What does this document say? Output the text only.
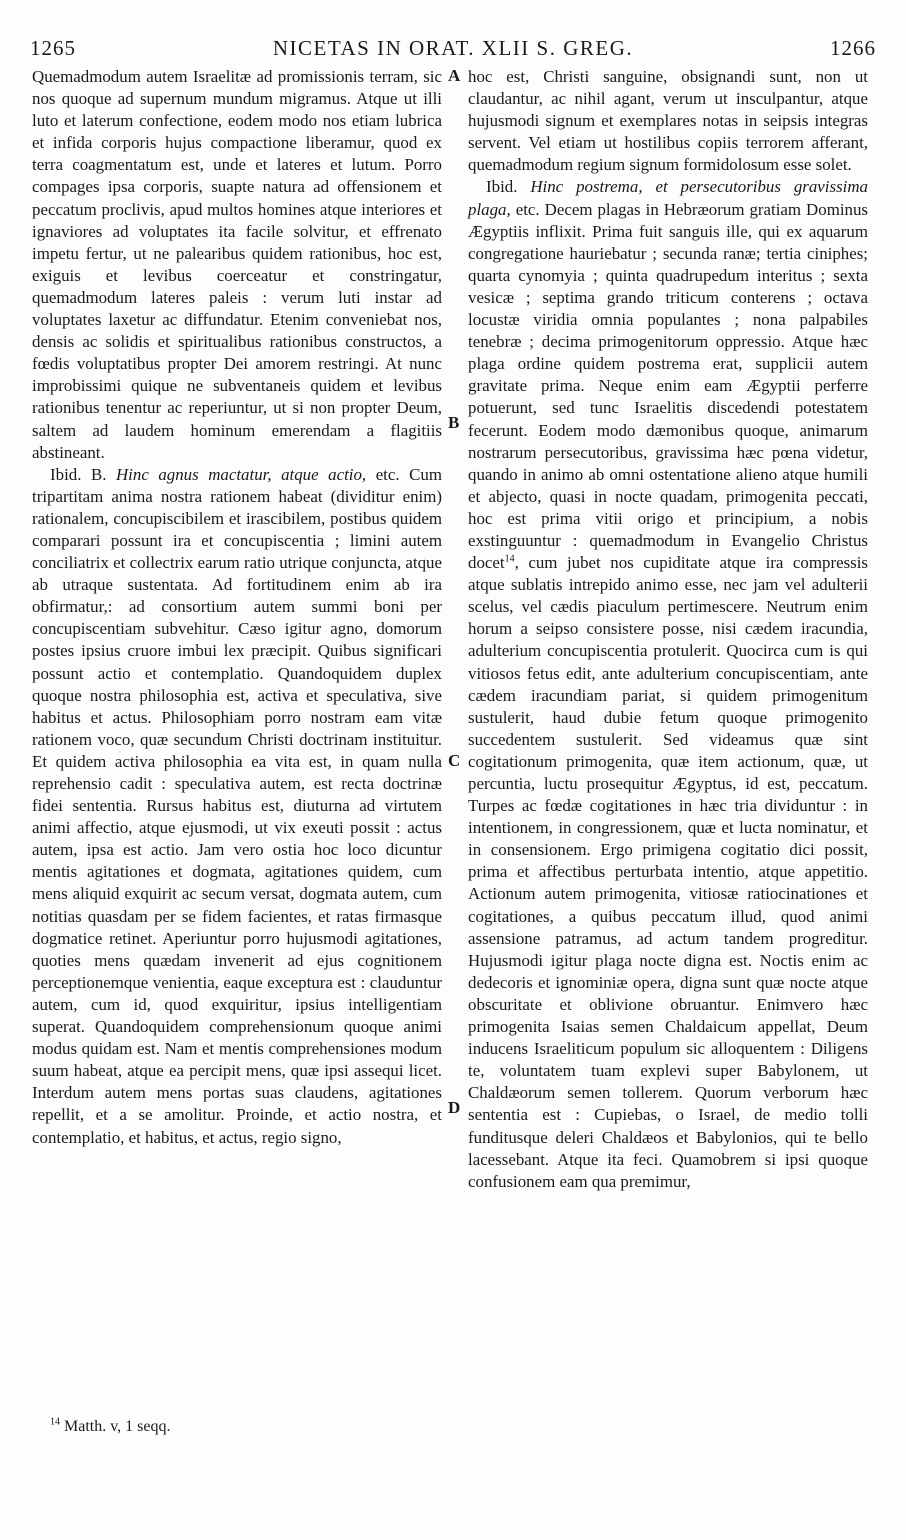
1265	NICETAS IN ORAT. XLII S. GREG.	1266

Quemadmodum autem Israelitæ ad promissionis terram, sic nos quoque ad supernum mundum migramus. Atque ut illi luto et laterum confectione, eodem modo nos etiam lubrica et infida corporis hujus compactione liberamur, quod ex terra coagmentatum est, unde et lateres et lutum. Porro compages ipsa corporis, suapte natura ad offensionem et peccatum proclivis, apud multos homines atque interiores et ignaviores ad voluptates ita facile solvitur, et effrenato impetu fertur, ut ne palearibus quidem rationibus, hoc est, exiguis et levibus coerceatur et constringatur, quemadmodum lateres paleis : verum luti instar ad voluptates laxetur ac diffundatur. Etenim conveniebat nos, densis ac solidis et spiritualibus rationibus constructos, a fœdis voluptatibus propter Dei amorem restringi. At nunc improbissimi quique ne subventaneis quidem et levibus rationibus tenentur ac reperiuntur, ut si non propter Deum, saltem ad laudem hominum emerendam a flagitiis abstineant.

Ibid. B. Hinc agnus mactatur, atque actio, etc. Cum tripartitam anima nostra rationem habeat (dividitur enim) rationalem, concupiscibilem et irascibilem, postibus quidem comparari possunt ira et concupiscentia ; limini autem conciliatrix et collectrix earum ratio utrique conjuncta, atque ab utraque sustentata. Ad fortitudinem enim ab ira obfirmatur,: ad consortium autem summi boni per concupiscentiam subvehitur. Cæso igitur agno, domorum postes ipsius cruore imbui lex præcipit. Quibus significari possunt actio et contemplatio. Quandoquidem duplex quoque nostra philosophia est, activa et speculativa, sive habitus et actus. Philosophiam porro nostram eam vitæ rationem voco, quæ secundum Christi doctrinam instituitur. Et quidem activa philosophia ea vita est, in quam nulla reprehensio cadit : speculativa autem, est recta doctrinæ fidei sententia. Rursus habitus est, diuturna ad virtutem animi affectio, atque ejusmodi, ut vix exeuti possit : actus autem, ipsa est actio. Jam vero ostia hoc loco dicuntur mentis agitationes et dogmata, agitationes quidem, cum mens aliquid exquirit ac secum versat, dogmata autem, cum notitias quasdam per se fidem facientes, et ratas firmasque dogmatice retinet. Aperiuntur porro hujusmodi agitationes, quoties mens quædam invenerit ad ejus cognitionem perceptionemque venientia, eaque exceptura est : clauduntur autem, cum id, quod exquiritur, ipsius intelligentiam superat. Quandoquidem comprehensionum quoque animi modus quidam est. Nam et mentis comprehensiones modum suum habeat, atque ea percipit mens, quæ ipsi assequi licet. Interdum autem mens portas suas claudens, agitationes repellit, et a se amolitur. Proinde, et actio nostra, et contemplatio, et habitus, et actus, regio signo,

hoc est, Christi sanguine, obsignandi sunt, non ut claudantur, ac nihil agant, verum ut insculpantur, atque hujusmodi signum et exemplares notas in seipsis integras servent. Vel etiam ut hostilibus copiis terrorem afferant, quemadmodum regium signum formidolosum esse solet.

Ibid. Hinc postrema, et persecutoribus gravissima plaga, etc. Decem plagas in Hebræorum gratiam Dominus Ægyptiis inflixit. Prima fuit sanguis ille, qui ex aquarum congregatione hauriebatur ; secunda ranæ; tertia ciniphes; quarta cynomyia ; quinta quadrupedum interitus ; sexta vesicæ ; septima grando triticum conterens ; octava locustæ viridia omnia populantes ; nona palpabiles tenebræ ; decima primogenitorum oppressio. Atque hæc plaga ordine quidem postrema erat, supplicii autem gravitate prima. Neque enim eam Ægyptii perferre potuerunt, sed tunc Israelitis discedendi potestatem fecerunt. Eodem modo dæmonibus quoque, animarum nostrarum persecutoribus, gravissima hæc pœna videtur, quando in animo ab omni ostentatione alieno atque humili et abjecto, quasi in nocte quadam, primogenita peccati, hoc est prima vitii origo et principium, a nobis exstinguuntur : quemadmodum in Evangelio Christus docet$^{14}$, cum jubet nos cupiditate atque ira compressis atque sublatis intrepido animo esse, nec jam vel adulterii scelus, vel cædis piaculum pertimescere. Neutrum enim horum a seipso consistere posse, nisi cædem iracundia, adulterium concupiscentia protulerit. Quocirca cum is qui vitiosos fetus edit, ante adulterium concupiscentiam, ante cædem iracundiam pariat, si quidem primogenitum sustulerit, haud dubie fetum quoque primogenito succedentem sustulerit. Sed videamus quæ sint cogitationum primogenita, quæ item actionum, quæ, ut percuntia, luctu prosequitur Ægyptus, id est, peccatum. Turpes ac fœdæ cogitationes in hæc tria dividuntur : in intentionem, in congressionem, quæ et lucta nominatur, et in consensionem. Ergo primigena cogitatio dici possit, prima et affectibus perturbata intentio, atque appetitio. Actionum autem primogenita, vitiosæ ratiocinationes et cogitationes, a quibus peccatum illud, quod animi assensione patramus, ad actum tandem progreditur. Hujusmodi igitur plaga nocte digna est. Noctis enim ac dedecoris et ignominiæ opera, digna sunt quæ nocte atque obscuritate et oblivione obruantur. Enimvero hæc primogenita Isaias semen Chaldaicum appellat, Deum inducens Israeliticum populum sic alloquentem : Diligens te, voluntatem tuam explevi super Babylonem, ut Chaldæorum semen tollerem. Quorum verborum hæc sententia est : Cupiebas, o Israel, de medio tolli funditusque deleri Chaldæos et Babylonios, qui te bello lacessebant. Atque ita feci. Quamobrem si ipsi quoque confusionem eam qua premimur,

A
B
C
D
$^{14}$ Matth. v, 1 seqq.
